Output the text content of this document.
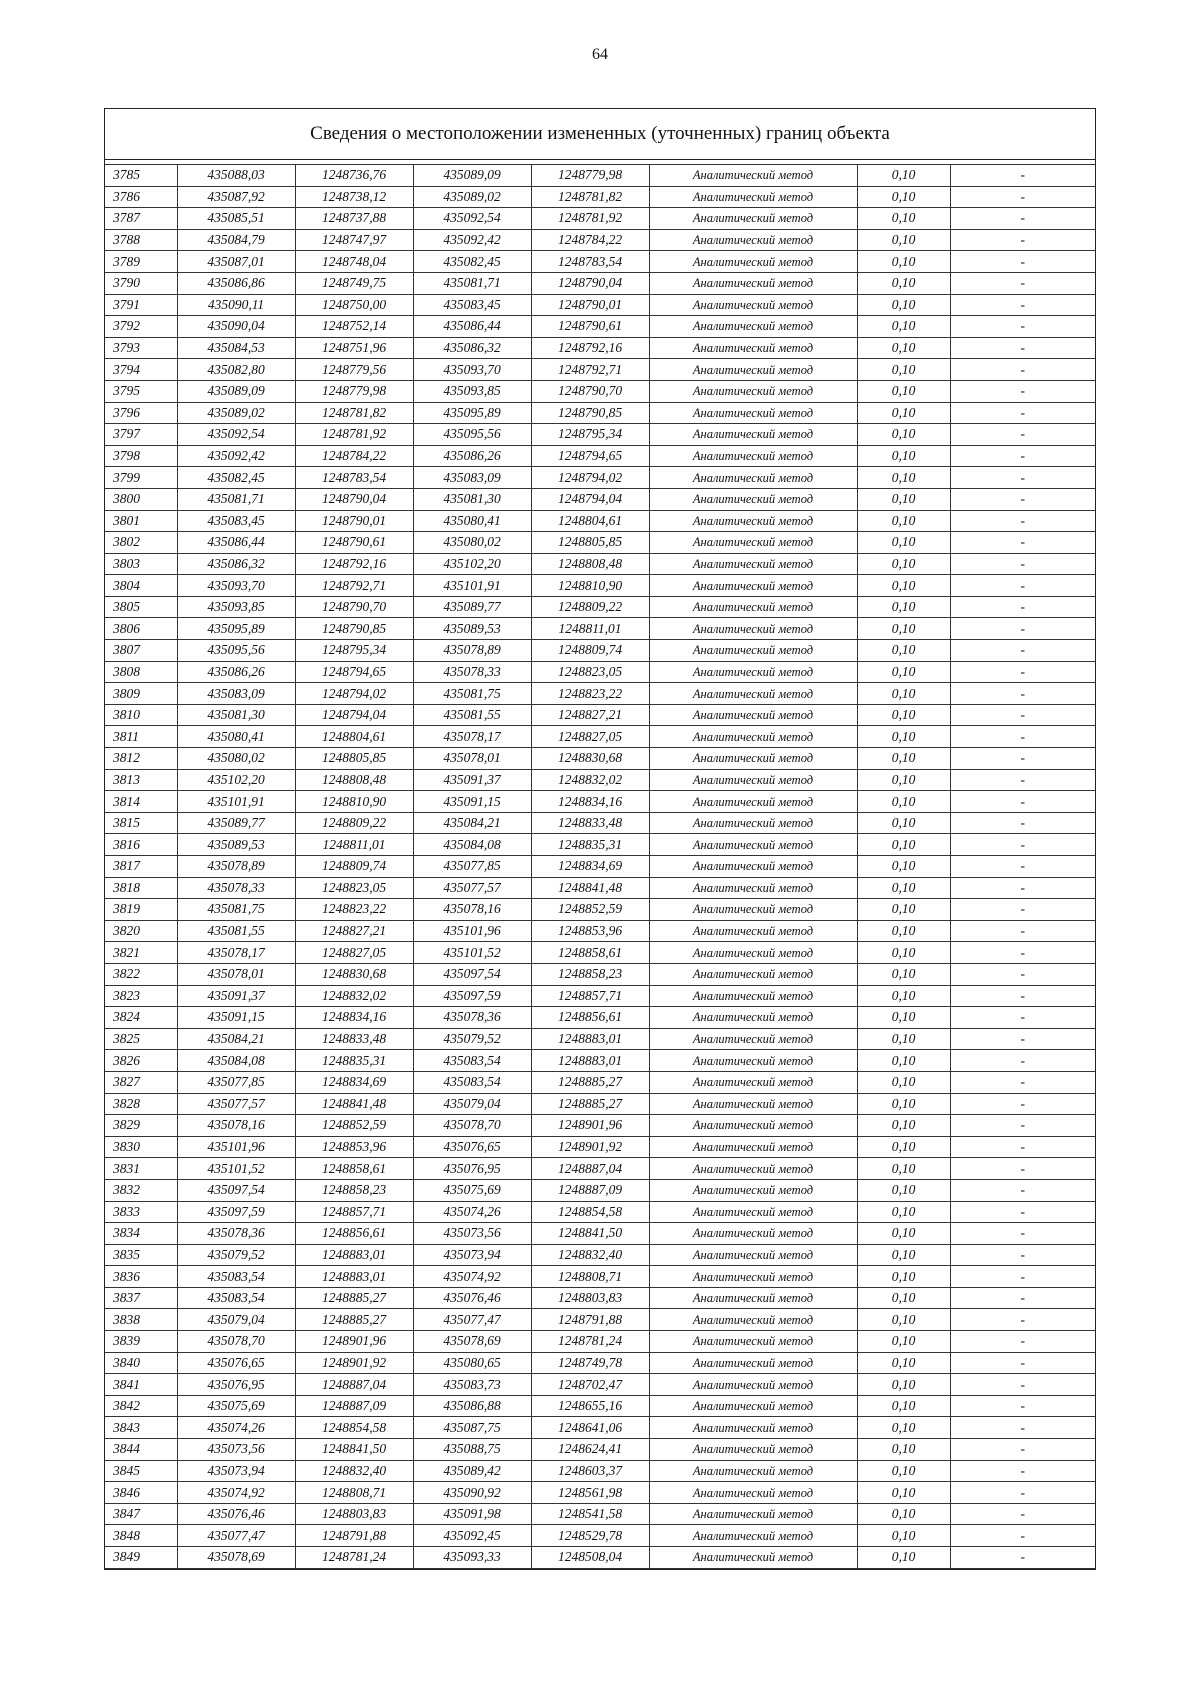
64
Сведения о местоположении измененных (уточненных) границ объекта
3785	435088,03	1248736,76	435089,09	1248779,98	Аналитический метод	0,10	-
3786	435087,92	1248738,12	435089,02	1248781,82	Аналитический метод	0,10	-
3787	435085,51	1248737,88	435092,54	1248781,92	Аналитический метод	0,10	-
3788	435084,79	1248747,97	435092,42	1248784,22	Аналитический метод	0,10	-
3789	435087,01	1248748,04	435082,45	1248783,54	Аналитический метод	0,10	-
3790	435086,86	1248749,75	435081,71	1248790,04	Аналитический метод	0,10	-
3791	435090,11	1248750,00	435083,45	1248790,01	Аналитический метод	0,10	-
3792	435090,04	1248752,14	435086,44	1248790,61	Аналитический метод	0,10	-
3793	435084,53	1248751,96	435086,32	1248792,16	Аналитический метод	0,10	-
3794	435082,80	1248779,56	435093,70	1248792,71	Аналитический метод	0,10	-
3795	435089,09	1248779,98	435093,85	1248790,70	Аналитический метод	0,10	-
3796	435089,02	1248781,82	435095,89	1248790,85	Аналитический метод	0,10	-
3797	435092,54	1248781,92	435095,56	1248795,34	Аналитический метод	0,10	-
3798	435092,42	1248784,22	435086,26	1248794,65	Аналитический метод	0,10	-
3799	435082,45	1248783,54	435083,09	1248794,02	Аналитический метод	0,10	-
3800	435081,71	1248790,04	435081,30	1248794,04	Аналитический метод	0,10	-
3801	435083,45	1248790,01	435080,41	1248804,61	Аналитический метод	0,10	-
3802	435086,44	1248790,61	435080,02	1248805,85	Аналитический метод	0,10	-
3803	435086,32	1248792,16	435102,20	1248808,48	Аналитический метод	0,10	-
3804	435093,70	1248792,71	435101,91	1248810,90	Аналитический метод	0,10	-
3805	435093,85	1248790,70	435089,77	1248809,22	Аналитический метод	0,10	-
3806	435095,89	1248790,85	435089,53	1248811,01	Аналитический метод	0,10	-
3807	435095,56	1248795,34	435078,89	1248809,74	Аналитический метод	0,10	-
3808	435086,26	1248794,65	435078,33	1248823,05	Аналитический метод	0,10	-
3809	435083,09	1248794,02	435081,75	1248823,22	Аналитический метод	0,10	-
3810	435081,30	1248794,04	435081,55	1248827,21	Аналитический метод	0,10	-
3811	435080,41	1248804,61	435078,17	1248827,05	Аналитический метод	0,10	-
3812	435080,02	1248805,85	435078,01	1248830,68	Аналитический метод	0,10	-
3813	435102,20	1248808,48	435091,37	1248832,02	Аналитический метод	0,10	-
3814	435101,91	1248810,90	435091,15	1248834,16	Аналитический метод	0,10	-
3815	435089,77	1248809,22	435084,21	1248833,48	Аналитический метод	0,10	-
3816	435089,53	1248811,01	435084,08	1248835,31	Аналитический метод	0,10	-
3817	435078,89	1248809,74	435077,85	1248834,69	Аналитический метод	0,10	-
3818	435078,33	1248823,05	435077,57	1248841,48	Аналитический метод	0,10	-
3819	435081,75	1248823,22	435078,16	1248852,59	Аналитический метод	0,10	-
3820	435081,55	1248827,21	435101,96	1248853,96	Аналитический метод	0,10	-
3821	435078,17	1248827,05	435101,52	1248858,61	Аналитический метод	0,10	-
3822	435078,01	1248830,68	435097,54	1248858,23	Аналитический метод	0,10	-
3823	435091,37	1248832,02	435097,59	1248857,71	Аналитический метод	0,10	-
3824	435091,15	1248834,16	435078,36	1248856,61	Аналитический метод	0,10	-
3825	435084,21	1248833,48	435079,52	1248883,01	Аналитический метод	0,10	-
3826	435084,08	1248835,31	435083,54	1248883,01	Аналитический метод	0,10	-
3827	435077,85	1248834,69	435083,54	1248885,27	Аналитический метод	0,10	-
3828	435077,57	1248841,48	435079,04	1248885,27	Аналитический метод	0,10	-
3829	435078,16	1248852,59	435078,70	1248901,96	Аналитический метод	0,10	-
3830	435101,96	1248853,96	435076,65	1248901,92	Аналитический метод	0,10	-
3831	435101,52	1248858,61	435076,95	1248887,04	Аналитический метод	0,10	-
3832	435097,54	1248858,23	435075,69	1248887,09	Аналитический метод	0,10	-
3833	435097,59	1248857,71	435074,26	1248854,58	Аналитический метод	0,10	-
3834	435078,36	1248856,61	435073,56	1248841,50	Аналитический метод	0,10	-
3835	435079,52	1248883,01	435073,94	1248832,40	Аналитический метод	0,10	-
3836	435083,54	1248883,01	435074,92	1248808,71	Аналитический метод	0,10	-
3837	435083,54	1248885,27	435076,46	1248803,83	Аналитический метод	0,10	-
3838	435079,04	1248885,27	435077,47	1248791,88	Аналитический метод	0,10	-
3839	435078,70	1248901,96	435078,69	1248781,24	Аналитический метод	0,10	-
3840	435076,65	1248901,92	435080,65	1248749,78	Аналитический метод	0,10	-
3841	435076,95	1248887,04	435083,73	1248702,47	Аналитический метод	0,10	-
3842	435075,69	1248887,09	435086,88	1248655,16	Аналитический метод	0,10	-
3843	435074,26	1248854,58	435087,75	1248641,06	Аналитический метод	0,10	-
3844	435073,56	1248841,50	435088,75	1248624,41	Аналитический метод	0,10	-
3845	435073,94	1248832,40	435089,42	1248603,37	Аналитический метод	0,10	-
3846	435074,92	1248808,71	435090,92	1248561,98	Аналитический метод	0,10	-
3847	435076,46	1248803,83	435091,98	1248541,58	Аналитический метод	0,10	-
3848	435077,47	1248791,88	435092,45	1248529,78	Аналитический метод	0,10	-
3849	435078,69	1248781,24	435093,33	1248508,04	Аналитический метод	0,10	-
